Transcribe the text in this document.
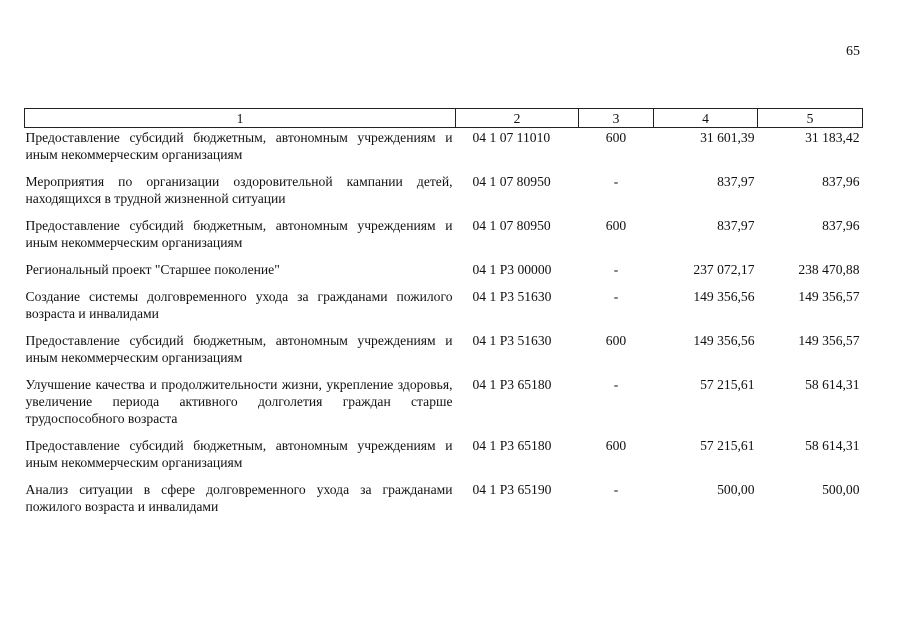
65
1	2	3	4	5
Предоставление субсидий бюджетным, автономным учреждениям и иным некоммерческим организациям	04 1 07 11010	600	31 601,39	31 183,42
Мероприятия по организации оздоровительной кампании детей, находящихся в трудной жизненной ситуации	04 1 07 80950	-	837,97	837,96
Предоставление субсидий бюджетным, автономным учреждениям и иным некоммерческим организациям	04 1 07 80950	600	837,97	837,96
Региональный проект "Старшее поколение"	04 1 P3 00000	-	237 072,17	238 470,88
Создание системы долговременного ухода за гражданами пожилого возраста и инвалидами	04 1 P3 51630	-	149 356,56	149 356,57
Предоставление субсидий бюджетным, автономным учреждениям и иным некоммерческим организациям	04 1 P3 51630	600	149 356,56	149 356,57
Улучшение качества и продолжительности жизни, укрепление здоровья, увеличение периода активного долголетия граждан старше трудоспособного возраста	04 1 P3 65180	-	57 215,61	58 614,31
Предоставление субсидий бюджетным, автономным учреждениям и иным некоммерческим организациям	04 1 P3 65180	600	57 215,61	58 614,31
Анализ ситуации в сфере долговременного ухода за гражданами пожилого возраста и инвалидами	04 1 P3 65190	-	500,00	500,00
